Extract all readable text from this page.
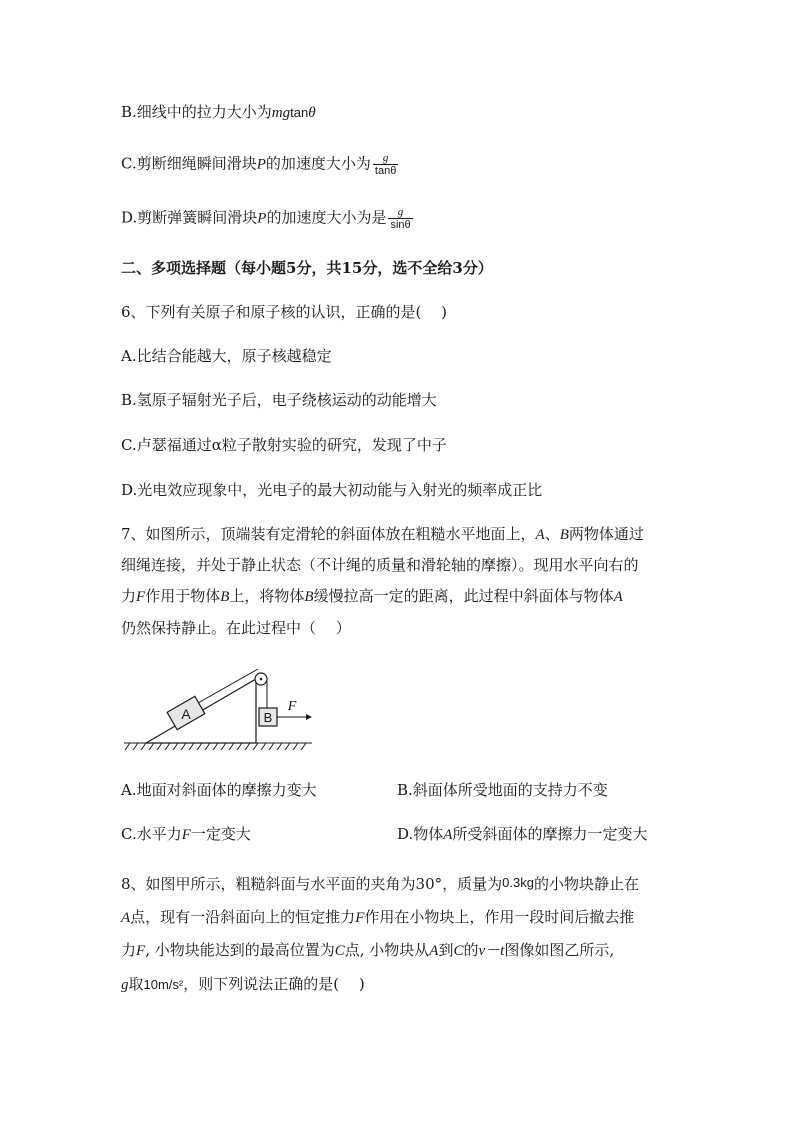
B.细线中的拉力大小为mgtanθ
C.剪断细绳瞬间滑块P的加速度大小为 $\frac{g}{\tan\theta}$
D.剪断弹簧瞬间滑块P的加速度大小为是 $\frac{g}{\sin\theta}$
二、多项选择题（每小题5分，共15分，选不全给3分）
6、下列有关原子和原子核的认识，正确的是(　 )
A.比结合能越大，原子核越稳定
B.氢原子辐射光子后，电子绕核运动的动能增大
C.卢瑟福通过α粒子散射实验的研究，发现了中子
D.光电效应现象中，光电子的最大初动能与入射光的频率成正比
7、如图所示，顶端装有定滑轮的斜面体放在粗糙水平地面上，A、B两物体通过
细绳连接，并处于静止状态（不计绳的质量和滑轮轴的摩擦）。现用水平向右的
力F作用于物体B上，将物体B缓慢拉高一定的距离，此过程中斜面体与物体A
仍然保持静止。在此过程中（　 ）
A	B
F
A.地面对斜面体的摩擦力变大	B.斜面体所受地面的支持力不变
C.水平力F一定变大	D.物体A所受斜面体的摩擦力一定变大
8、如图甲所示，粗糙斜面与水平面的夹角为30°，质量为0.3kg的小物块静止在
A点，现有一沿斜面向上的恒定推力F作用在小物块上，作用一段时间后撤去推
力F, 小物块能达到的最高位置为C点, 小物块从A到C的v－t图像如图乙所示,
g取10m/s²，则下列说法正确的是(　 )
